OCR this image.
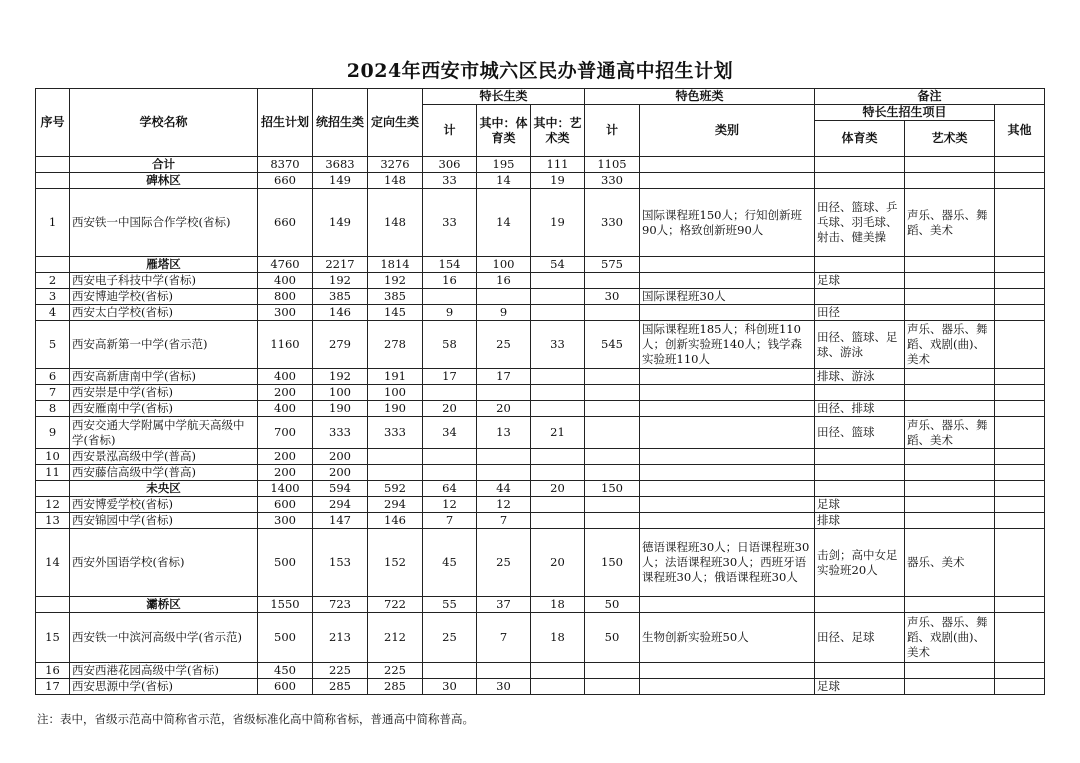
2024年西安市城六区民办普通高中招生计划
序号	学校名称	招生计划	统招生类	定向生类	特长生类			特色班类		备注		
					计	其中：体育类	其中：艺术类	计	类别	特长生招生项目		其他
										体育类	艺术类	
	合计	8370	3683	3276	306	195	111	1105				
	碑林区	660	149	148	33	14	19	330				
1	西安铁一中国际合作学校(省标)	660	149	148	33	14	19	330	国际课程班150人；行知创新班90人；格致创新班90人	田径、篮球、乒乓球、羽毛球、射击、健美操	声乐、器乐、舞蹈、美术	
	雁塔区	4760	2217	1814	154	100	54	575				
2	西安电子科技中学(省标)	400	192	192	16	16				足球		
3	西安博迪学校(省标)	800	385	385				30	国际课程班30人			
4	西安太白学校(省标)	300	146	145	9	9				田径		
5	西安高新第一中学(省示范)	1160	279	278	58	25	33	545	国际课程班185人；科创班110人；创新实验班140人；钱学森实验班110人	田径、篮球、足球、游泳	声乐、器乐、舞蹈、戏剧(曲)、美术	
6	西安高新唐南中学(省标)	400	192	191	17	17				排球、游泳		
7	西安崇是中学(省标)	200	100	100								
8	西安雁南中学(省标)	400	190	190	20	20				田径、排球		
9	西安交通大学附属中学航天高级中学(省标)	700	333	333	34	13	21			田径、篮球	声乐、器乐、舞蹈、美术	
10	西安景泓高级中学(普高)	200	200									
11	西安藤信高级中学(普高)	200	200									
	未央区	1400	594	592	64	44	20	150				
12	西安博爱学校(省标)	600	294	294	12	12				足球		
13	西安锦园中学(省标)	300	147	146	7	7				排球		
14	西安外国语学校(省标)	500	153	152	45	25	20	150	德语课程班30人；日语课程班30人；法语课程班30人；西班牙语课程班30人；俄语课程班30人	击剑；高中女足实验班20人	器乐、美术	
	灞桥区	1550	723	722	55	37	18	50				
15	西安铁一中滨河高级中学(省示范)	500	213	212	25	7	18	50	生物创新实验班50人	田径、足球	声乐、器乐、舞蹈、戏剧(曲)、美术	
16	西安西港花园高级中学(省标)	450	225	225								
17	西安思源中学(省标)	600	285	285	30	30				足球		
注：表中，省级示范高中简称省示范，省级标准化高中简称省标，普通高中简称普高。
